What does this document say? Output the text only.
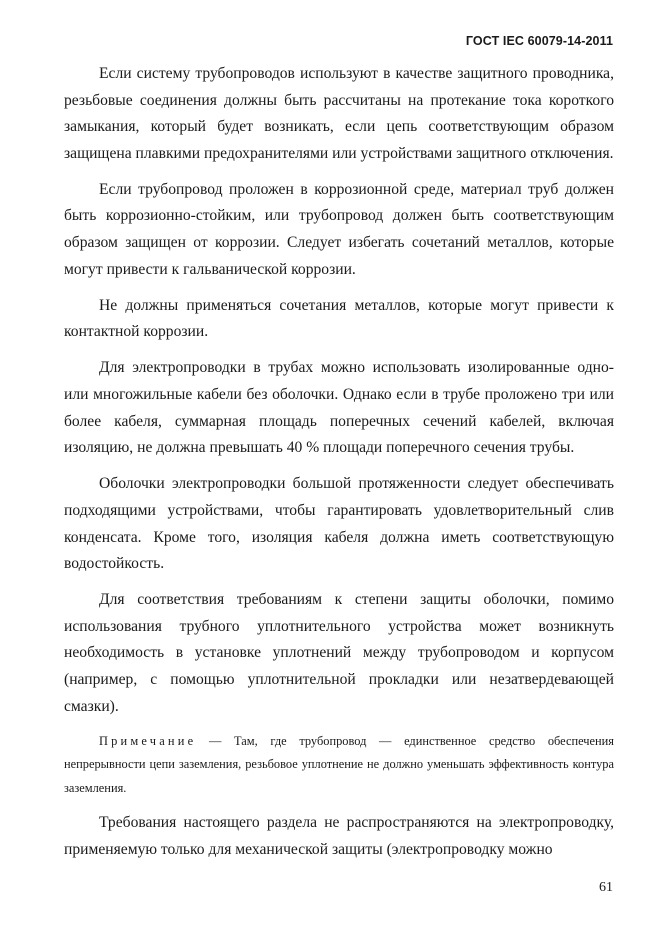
ГОСТ IEC 60079-14-2011

Если систему трубопроводов используют в качестве защитного проводника, резьбовые соединения должны быть рассчитаны на протекание тока короткого замыкания, который будет возникать, если цепь соответствующим образом защищена плавкими предохранителями или устройствами защитного отключения.

Если трубопровод проложен в коррозионной среде, материал труб должен быть коррозионно-стойким, или трубопровод должен быть соответствующим образом защищен от коррозии. Следует избегать сочетаний металлов, которые могут привести к гальванической коррозии.

Не должны применяться сочетания металлов, которые могут привести к контактной коррозии.

Для электропроводки в трубах можно использовать изолированные одно- или многожильные кабели без оболочки. Однако если в трубе проложено три или более кабеля, суммарная площадь поперечных сечений кабелей, включая изоляцию, не должна превышать 40 % площади поперечного сечения трубы.

Оболочки электропроводки большой протяженности следует обеспечивать подходящими устройствами, чтобы гарантировать удовлетворительный слив конденсата. Кроме того, изоляция кабеля должна иметь соответствующую водостойкость.

Для соответствия требованиям к степени защиты оболочки, помимо использования трубного уплотнительного устройства может возникнуть необходимость в установке уплотнений между трубопроводом и корпусом (например, с помощью уплотнительной прокладки или незатвердевающей смазки).

Примечание — Там, где трубопровод — единственное средство обеспечения непрерывности цепи заземления, резьбовое уплотнение не должно уменьшать эффективность контура заземления.

Требования настоящего раздела не распространяются на электропроводку, применяемую только для механической защиты (электропроводку можно

61
